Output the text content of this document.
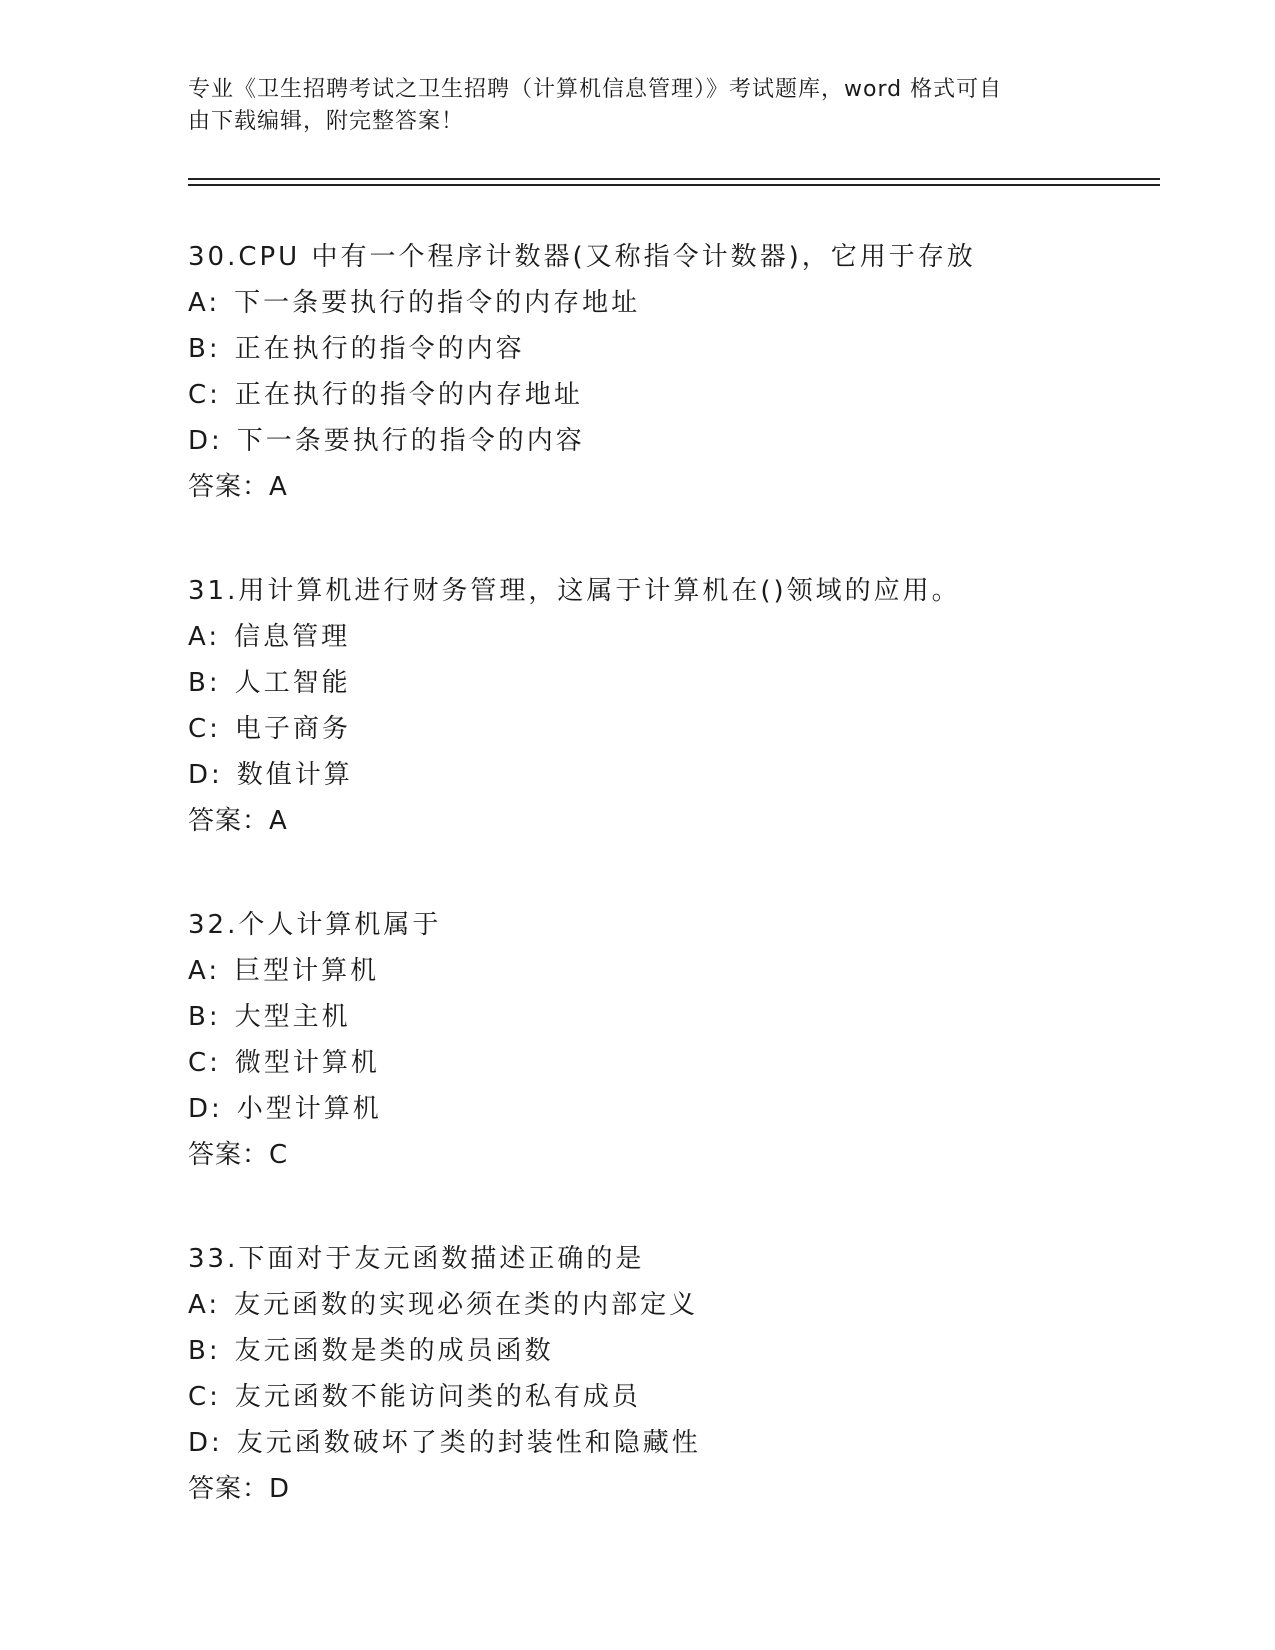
专业《卫生招聘考试之卫生招聘（计算机信息管理）》考试题库，word 格式可自
由下载编辑，附完整答案！
30.CPU 中有一个程序计数器(又称指令计数器)，它用于存放
A: 下一条要执行的指令的内存地址
B: 正在执行的指令的内容
C: 正在执行的指令的内存地址
D: 下一条要执行的指令的内容
答案：A
31.用计算机进行财务管理，这属于计算机在()领域的应用。
A: 信息管理
B: 人工智能
C: 电子商务
D: 数值计算
答案：A
32.个人计算机属于
A: 巨型计算机
B: 大型主机
C: 微型计算机
D: 小型计算机
答案：C
33.下面对于友元函数描述正确的是
A: 友元函数的实现必须在类的内部定义
B: 友元函数是类的成员函数
C: 友元函数不能访问类的私有成员
D: 友元函数破坏了类的封装性和隐藏性
答案：D
